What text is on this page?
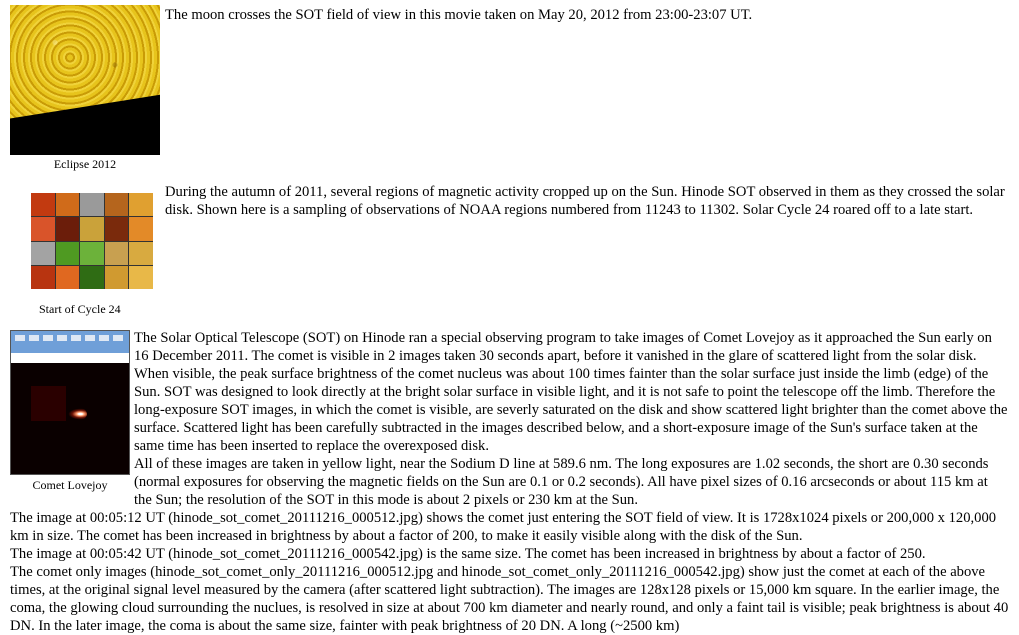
Eclipse 2012
The moon crosses the SOT field of view in this movie taken on May 20, 2012 from 23:00-23:07 UT.
Start of Cycle 24
During the autumn of 2011, several regions of magnetic activity cropped up on the Sun. Hinode SOT observed in them as they crossed the solar disk. Shown here is a sampling of observations of NOAA regions numbered from 11243 to 11302. Solar Cycle 24 roared off to a late start.
Comet Lovejoy
The Solar Optical Telescope (SOT) on Hinode ran a special observing program to take images of Comet Lovejoy as it approached the Sun early on 16 December 2011. The comet is visible in 2 images taken 30 seconds apart, before it vanished in the glare of scattered light from the solar disk. When visible, the peak surface brightness of the comet nucleus was about 100 times fainter than the solar surface just inside the limb (edge) of the Sun. SOT was designed to look directly at the bright solar surface in visible light, and it is not safe to point the telescope off the limb. Therefore the long-exposure SOT images, in which the comet is visible, are severly saturated on the disk and show scattered light brighter than the comet above the surface. Scattered light has been carefully subtracted in the images described below, and a short-exposure image of the Sun's surface taken at the same time has been inserted to replace the overexposed disk.
All of these images are taken in yellow light, near the Sodium D line at 589.6 nm. The long exposures are 1.02 seconds, the short are 0.30 seconds (normal exposures for observing the magnetic fields on the Sun are 0.1 or 0.2 seconds). All have pixel sizes of 0.16 arcseconds or about 115 km at the Sun; the resolution of the SOT in this mode is about 2 pixels or 230 km at the Sun.
The image at 00:05:12 UT (hinode_sot_comet_20111216_000512.jpg) shows the comet just entering the SOT field of view. It is 1728x1024 pixels or 200,000 x 120,000 km in size. The comet has been increased in brightness by about a factor of 200, to make it easily visible along with the disk of the Sun.
The image at 00:05:42 UT (hinode_sot_comet_20111216_000542.jpg) is the same size. The comet has been increased in brightness by about a factor of 250.
The comet only images (hinode_sot_comet_only_20111216_000512.jpg and hinode_sot_comet_only_20111216_000542.jpg) show just the comet at each of the above times, at the original signal level measured by the camera (after scattered light subtraction). The images are 128x128 pixels or 15,000 km square. In the earlier image, the coma, the glowing cloud surrounding the nuclues, is resolved in size at about 700 km diameter and nearly round, and only a faint tail is visible; peak brightness is about 40 DN. In the later image, the coma is about the same size, fainter with peak brightness of 20 DN. A long (~2500 km)
